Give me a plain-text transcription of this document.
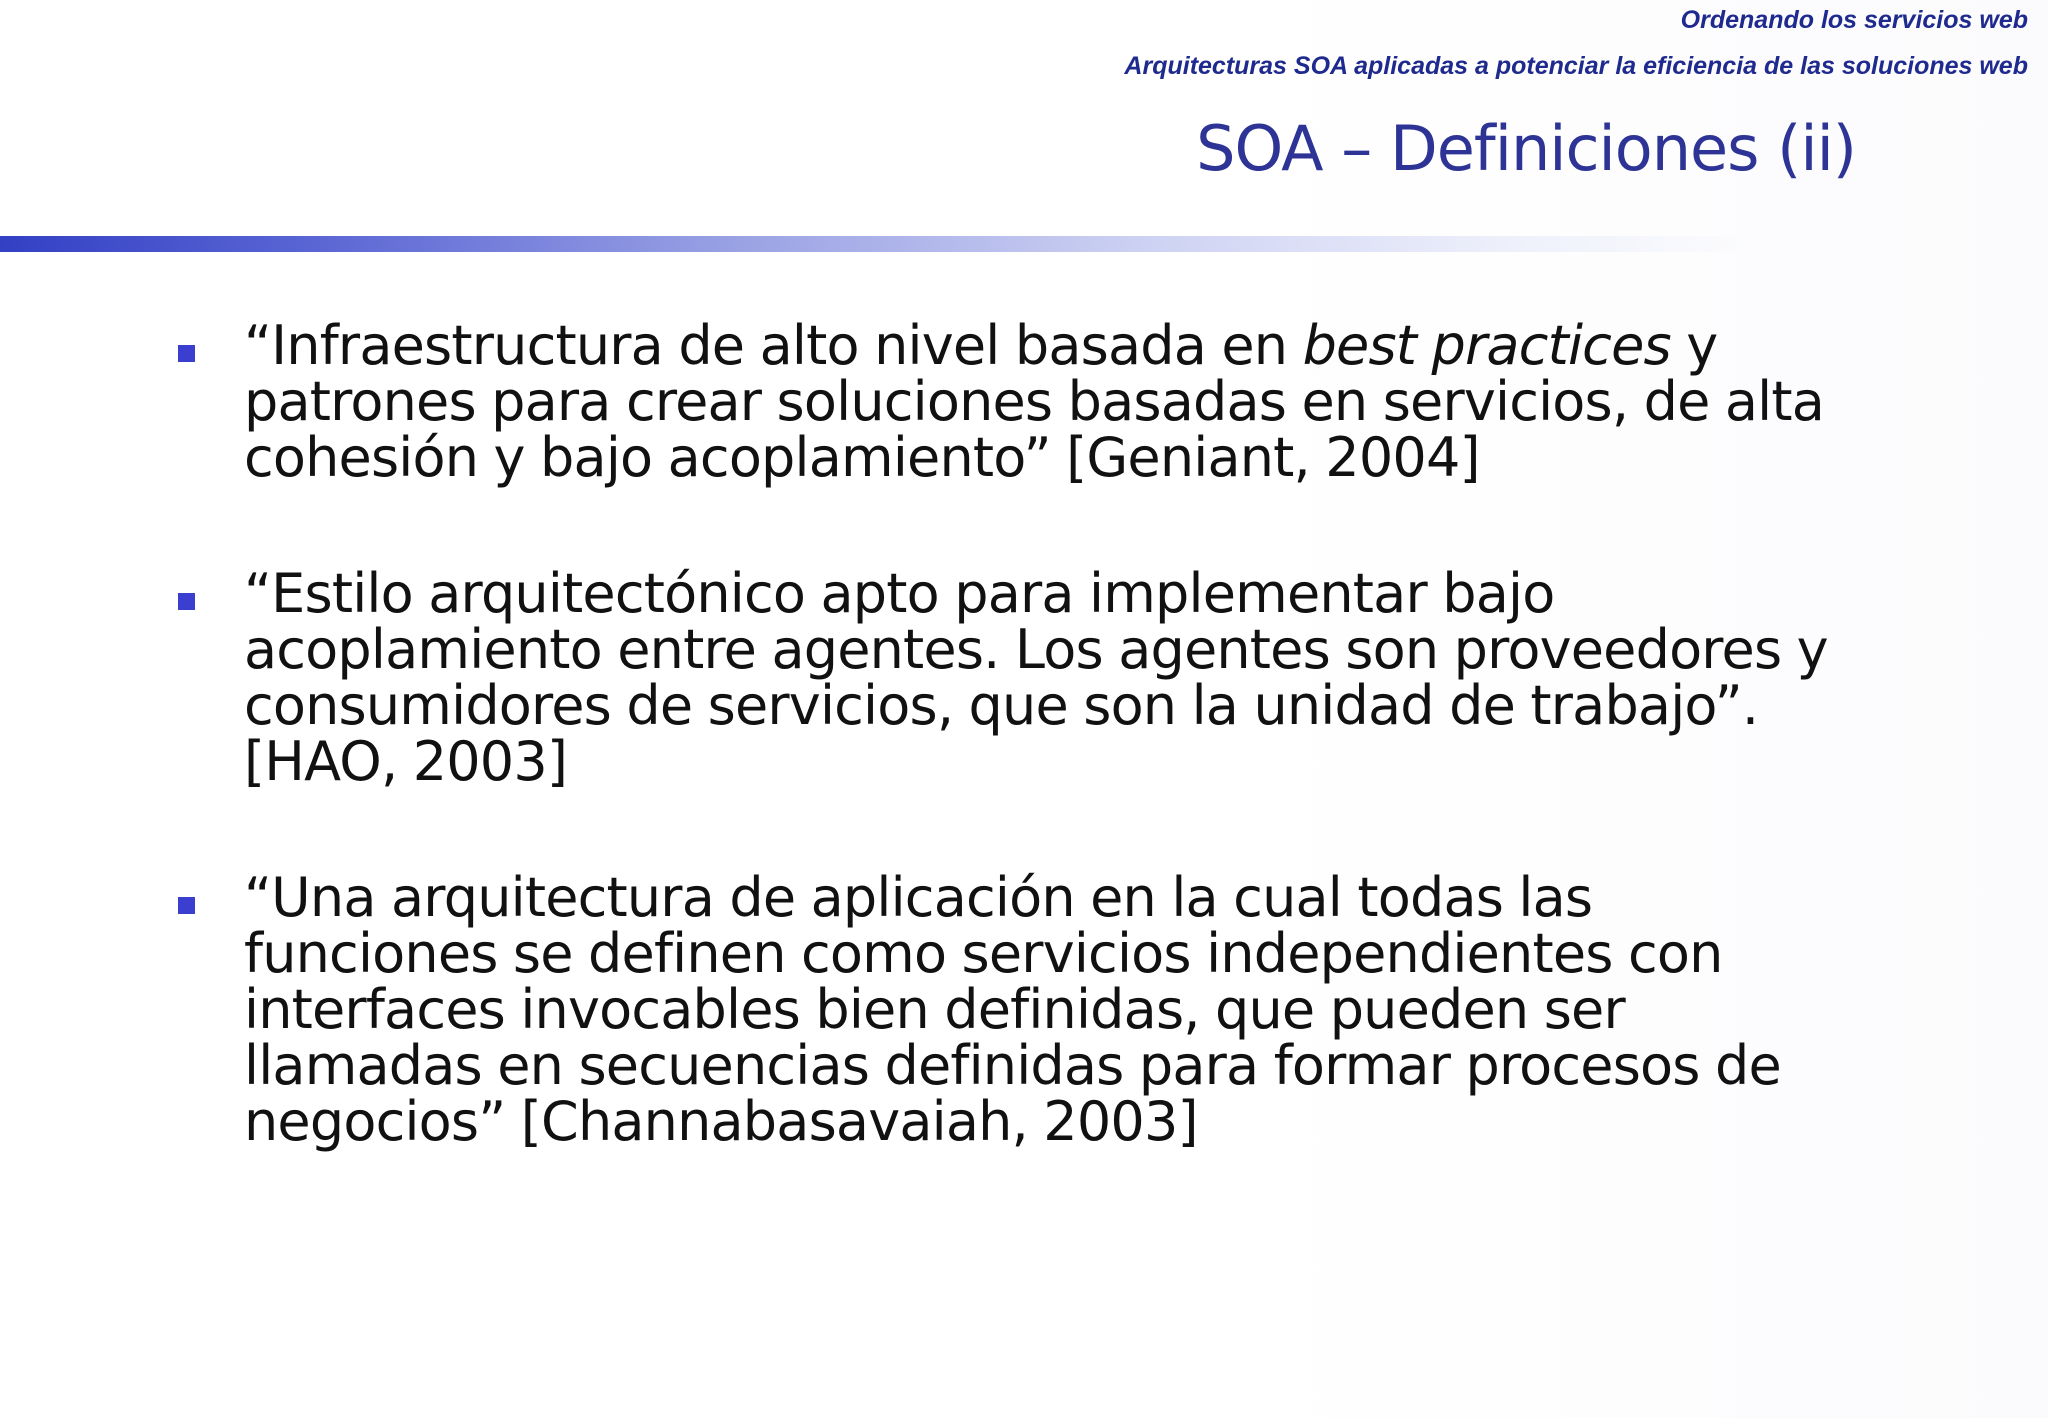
Ordenando los servicios web
Arquitecturas SOA aplicadas a potenciar la eficiencia de las soluciones web
SOA – Definiciones (ii)
“Infraestructura de alto nivel basada en best practices y patrones para crear soluciones basadas en servicios, de alta cohesión y bajo acoplamiento” [Geniant, 2004]
“Estilo arquitectónico apto para implementar bajo acoplamiento entre agentes. Los agentes son proveedores y consumidores de servicios, que son la unidad de trabajo”. [HAO, 2003]
“Una arquitectura de aplicación en la cual todas las funciones se definen como servicios independientes con interfaces invocables bien definidas, que pueden ser llamadas en secuencias definidas para formar procesos de negocios” [Channabasavaiah, 2003]
